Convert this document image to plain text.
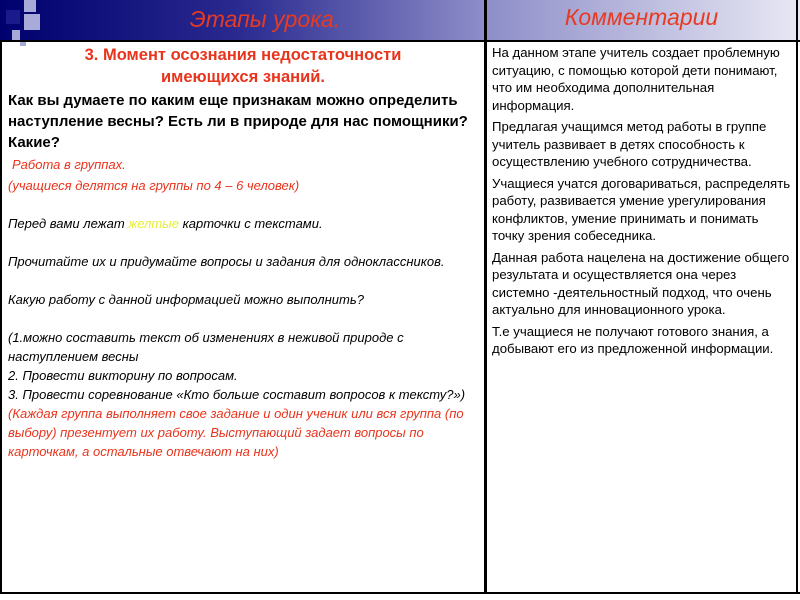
Этапы урока.	Комментарии
3. Момент осознания недостаточности
имеющихся знаний.
Как вы думаете по каким еще признакам можно определить наступление весны? Есть ли в природе для нас помощники? Какие?
Работа в группах.
(учащиеся делятся на группы по 4 – 6 человек)
Перед вами лежат желтые карточки с текстами.
Прочитайте их и придумайте вопросы и задания для одноклассников.
Какую работу с данной информацией можно выполнить?
(1.можно составить текст об изменениях в неживой природе с наступлением весны
2. Провести викторину по вопросам.
3. Провести соревнование «Кто больше составит вопросов к тексту?»)
(Каждая группа выполняет свое задание и один ученик или вся группа (по выбору) презентует их работу. Выступающий задает вопросы по карточкам, а остальные отвечают на них)

На данном этапе учитель создает проблемную ситуацию, с помощью которой дети понимают, что им необходима дополнительная информация.

Предлагая учащимся метод работы в группе учитель развивает в детях способность к осуществлению учебного сотрудничества.

Учащиеся учатся договариваться, распределять работу, развивается умение урегулирования конфликтов, умение принимать и понимать точку зрения собеседника.

Данная работа нацелена на достижение общего результата и осуществляется она через системно -деятельностный подход, что очень актуально для инновационного урока.

Т.е учащиеся не получают готового знания, а добывают его из предложенной информации.
